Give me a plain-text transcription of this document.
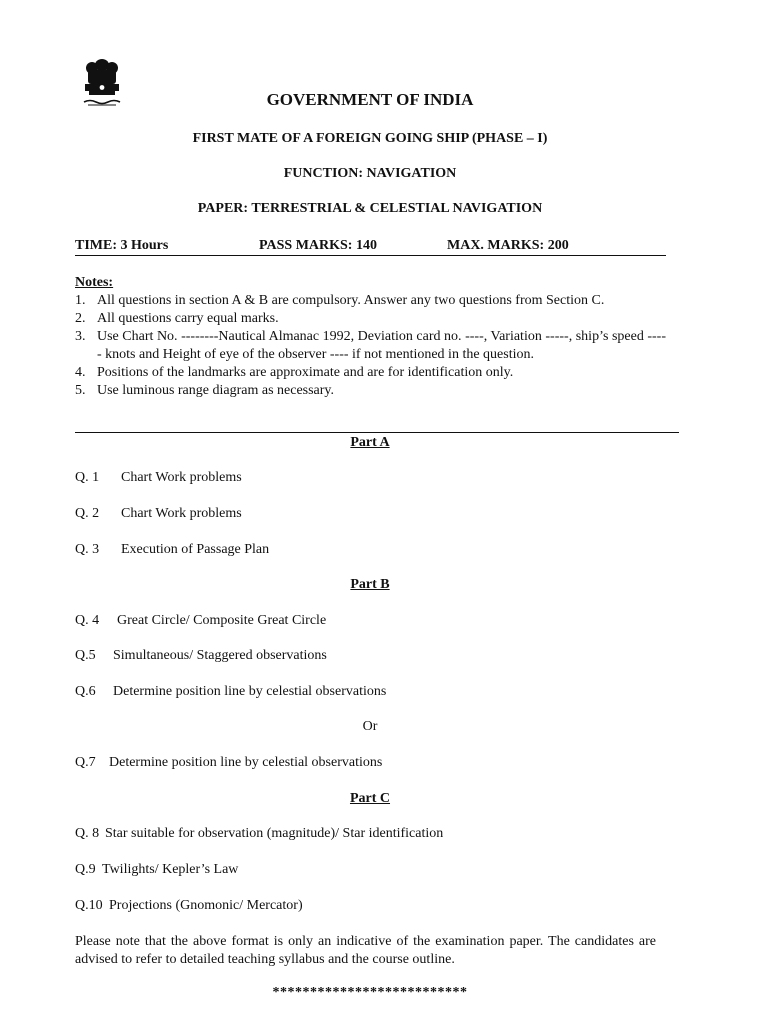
GOVERNMENT OF INDIA
FIRST MATE OF A FOREIGN GOING SHIP (PHASE – I)
FUNCTION: NAVIGATION
PAPER: TERRESTRIAL & CELESTIAL NAVIGATION
TIME: 3 Hours	PASS MARKS: 140	MAX. MARKS: 200
Notes:
1. All questions in section A & B are compulsory. Answer any two questions from Section C.
2. All questions carry equal marks.
3. Use Chart No. --------Nautical Almanac 1992, Deviation card no. ----, Variation -----, ship’s speed ----- knots and Height of eye of the observer ---- if not mentioned in the question.
4. Positions of the landmarks are approximate and are for identification only.
5. Use luminous range diagram as necessary.
Part A
Q. 1 Chart Work problems
Q. 2 Chart Work problems
Q. 3 Execution of Passage Plan
Part B
Q. 4 Great Circle/ Composite Great Circle
Q.5 Simultaneous/ Staggered observations
Q.6 Determine position line by celestial observations
Or
Q.7 Determine position line by celestial observations
Part C
Q. 8 Star suitable for observation (magnitude)/ Star identification
Q.9 Twilights/ Kepler’s Law
Q.10 Projections (Gnomonic/ Mercator)
Please note that the above format is only an indicative of the examination paper. The candidates are advised to refer to detailed teaching syllabus and the course outline.
**************************
